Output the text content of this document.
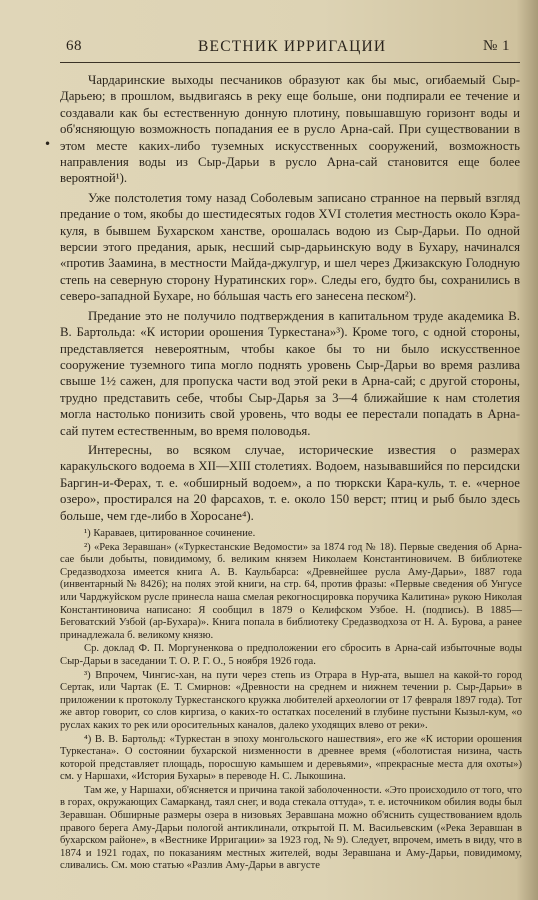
68	ВЕСТНИК ИРРИГАЦИИ	№ 1
•

Чардаринские выходы песчаников образуют как бы мыс, огибаемый Сыр-Дарьею; в прошлом, выдвигаясь в реку еще больше, они подпирали ее течение и создавали как бы естественную донную плотину, повышавшую горизонт воды и об'ясняющую возможность попадания ее в русло Арна-сай. При существовании в этом месте каких-либо туземных искусственных сооружений, возможность направления воды из Сыр-Дарьи в русло Арна-сай становится еще более вероятной¹).

Уже полстолетия тому назад Соболевым записано странное на первый взгляд предание о том, якобы до шестидесятых годов XVI столетия местность около Кэра-куля, в бывшем Бухарском ханстве, орошалась водою из Сыр-Дарьи. По одной версии этого предания, арык, несший сыр-дарьинскую воду в Бухару, начинался «против Заамина, в местности Майда-джулгур, и шел через Джизакскую Голодную степь на северную сторону Нуратинских гор». Следы его, будто бы, сохранились в северо-западной Бухаре, но бóльшая часть его занесена песком²).

Предание это не получило подтверждения в капитальном труде академика В. В. Бартольда: «К истории орошения Туркестана»³). Кроме того, с одной стороны, представляется невероятным, чтобы какое бы то ни было искусственное сооружение туземного типа могло поднять уровень Сыр-Дарьи во время разлива свыше 1½ сажен, для пропуска части вод этой реки в Арна-сай; с другой стороны, трудно представить себе, чтобы Сыр-Дарья за 3—4 ближайшие к нам столетия могла настолько понизить свой уровень, что воды ее перестали попадать в Арна-сай путем естественным, во время половодья.

Интересны, во всяком случае, исторические известия о размерах каракульского водоема в XII—XIII столетиях. Водоем, называвшийся по персидски Баргин-и-Ферах, т. е. «обширный водоем», а по тюркски Кара-куль, т. е. «черное озеро», простирался на 20 фарсахов, т. е. около 150 верст; птиц и рыб было здесь больше, чем где-либо в Хоросане⁴).

¹) Караваев, цитированное сочинение.

²) «Река Зеравшан» («Туркестанские Ведомости» за 1874 год № 18). Первые сведения об Арна-сае были добыты, повидимому, б. великим князем Николаем Константиновичем. В библиотеке Средазводхоза имеется книга А. В. Каульбарса: «Древнейшее русла Аму-Дарьи», 1887 года (инвентарный № 8426); на полях этой книги, на стр. 64, против фразы: «Первые сведения об Унгусе или Чарджуйском русле принесла наша смелая рекогносцировка поручика Калитина» рукою Николая Константиновича написано: Я сообщил в 1879 о Келифском Узбое. Н. (подпись). В 1885—Беговатский Узбой (ар-Бухара)». Книга попала в библиотеку Средазводхоза от Н. А. Бурова, а ранее принадлежала б. великому князю.

Ср. доклад Ф. П. Моргуненкова о предположении его сбросить в Арна-сай избыточные воды Сыр-Дарьи в заседании Т. О. Р. Г. О., 5 ноября 1926 года.

³) Впрочем, Чингис-хан, на пути через степь из Отрара в Нур-ата, вышел на какой-то город Сертак, или Чартак (Е. Т. Смирнов: «Древности на среднем и нижнем течении р. Сыр-Дарьи» в приложении к протоколу Туркестанского кружка любителей археологии от 17 февраля 1897 года). Тот же автор говорит, со слов киргиза, о каких-то остатках поселений в глубине пустыни Кызыл-кум, «о руслах каких то рек или оросительных каналов, далеко уходящих влево от реки».

⁴) В. В. Бартольд: «Туркестан в эпоху монгольского нашествия», его же «К истории орошения Туркестана». О состоянии бухарской низменности в древнее время («болотистая низина, часть которой представляет площадь, поросшую камышем и деревьями», «прекрасные места для охоты») см. у Наршахи, «История Бухары» в переводе Н. С. Лыкошина.

Там же, у Наршахи, об'ясняется и причина такой заболоченности. «Это происходило от того, что в горах, окружающих Самарканд, таял снег, и вода стекала оттуда», т. е. источником обилия воды был Зеравшан. Обширные размеры озера в низовьях Зеравшана можно об'яснить существованием вдоль правого берега Аму-Дарьи пологой антиклинали, открытой П. М. Васильевским («Река Зеравшан в бухарском районе», в «Вестнике Ирригации» за 1923 год, № 9). Следует, впрочем, иметь в виду, что в 1874 и 1921 годах, по показаниям местных жителей, воды Зеравшана и Аму-Дарьи, повидимому, сливались. См. мою статью «Разлив Аму-Дарьи в августе
